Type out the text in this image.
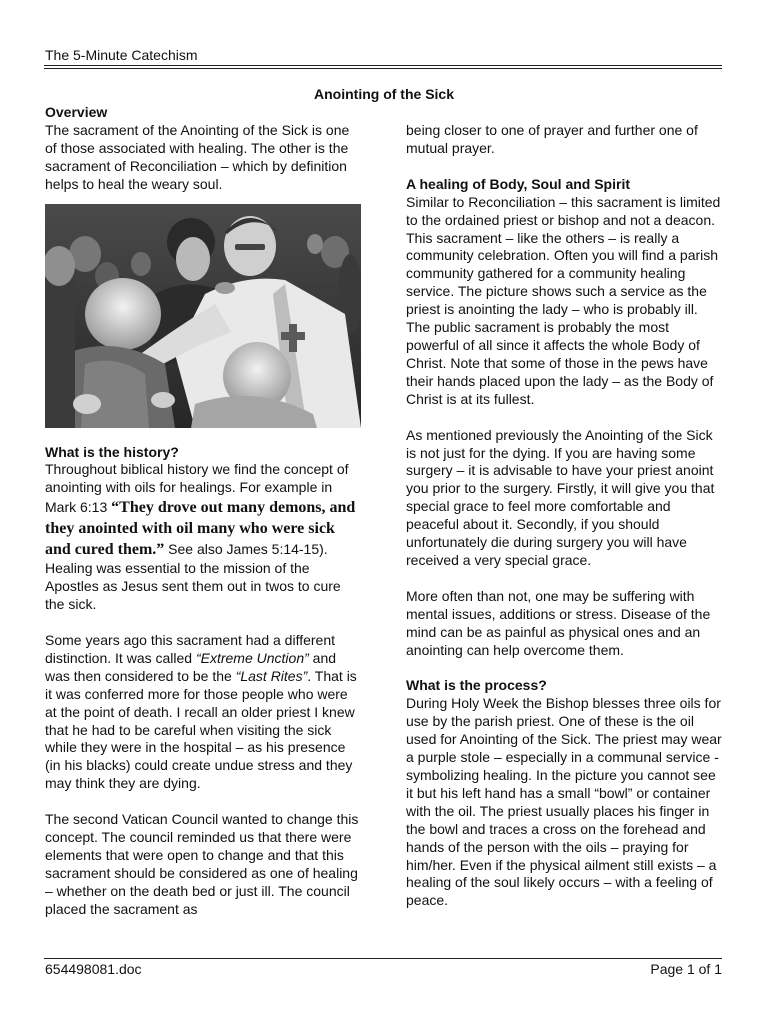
The 5-Minute Catechism
Anointing of the Sick
Overview

The sacrament of the Anointing of the Sick is one of those associated with healing. The other is the sacrament of Reconciliation – which by definition helps to heal the weary soul.

What is the history?

Throughout biblical history we find the concept of anointing with oils for healings. For example in Mark 6:13 “They drove out many demons, and they anointed with oil many who were sick and cured them.” See also James 5:14-15). Healing was essential to the mission of the Apostles as Jesus sent them out in twos to cure the sick.

Some years ago this sacrament had a different distinction. It was called “Extreme Unction” and was then considered to be the “Last Rites”. That is it was conferred more for those people who were at the point of death. I recall an older priest I knew that he had to be careful when visiting the sick while they were in the hospital – as his presence (in his blacks) could create undue stress and they may think they are dying.

The second Vatican Council wanted to change this concept. The council reminded us that there were elements that were open to change and that this sacrament should be considered as one of healing – whether on the death bed or just ill. The council placed the sacrament as

being closer to one of prayer and further one of mutual prayer.

A healing of Body, Soul and Spirit

Similar to Reconciliation – this sacrament is limited to the ordained priest or bishop and not a deacon. This sacrament – like the others – is really a community celebration. Often you will find a parish community gathered for a community healing service. The picture shows such a service as the priest is anointing the lady – who is probably ill. The public sacrament is probably the most powerful of all since it affects the whole Body of Christ. Note that some of those in the pews have their hands placed upon the lady – as the Body of Christ is at its fullest.

As mentioned previously the Anointing of the Sick is not just for the dying. If you are having some surgery – it is advisable to have your priest anoint you prior to the surgery. Firstly, it will give you that special grace to feel more comfortable and peaceful about it. Secondly, if you should unfortunately die during surgery you will have received a very special grace.

More often than not, one may be suffering with mental issues, additions or stress. Disease of the mind can be as painful as physical ones and an anointing can help overcome them.

What is the process?

During Holy Week the Bishop blesses three oils for use by the parish priest. One of these is the oil used for Anointing of the Sick. The priest may wear a purple stole – especially in a communal service - symbolizing healing. In the picture you cannot see it but his left hand has a small “bowl” or container with the oil. The priest usually places his finger in the bowl and traces a cross on the forehead and hands of the person with the oils – praying for him/her. Even if the physical ailment still exists – a healing of the soul likely occurs – with a feeling of peace.

654498081.doc	Page 1 of 1
